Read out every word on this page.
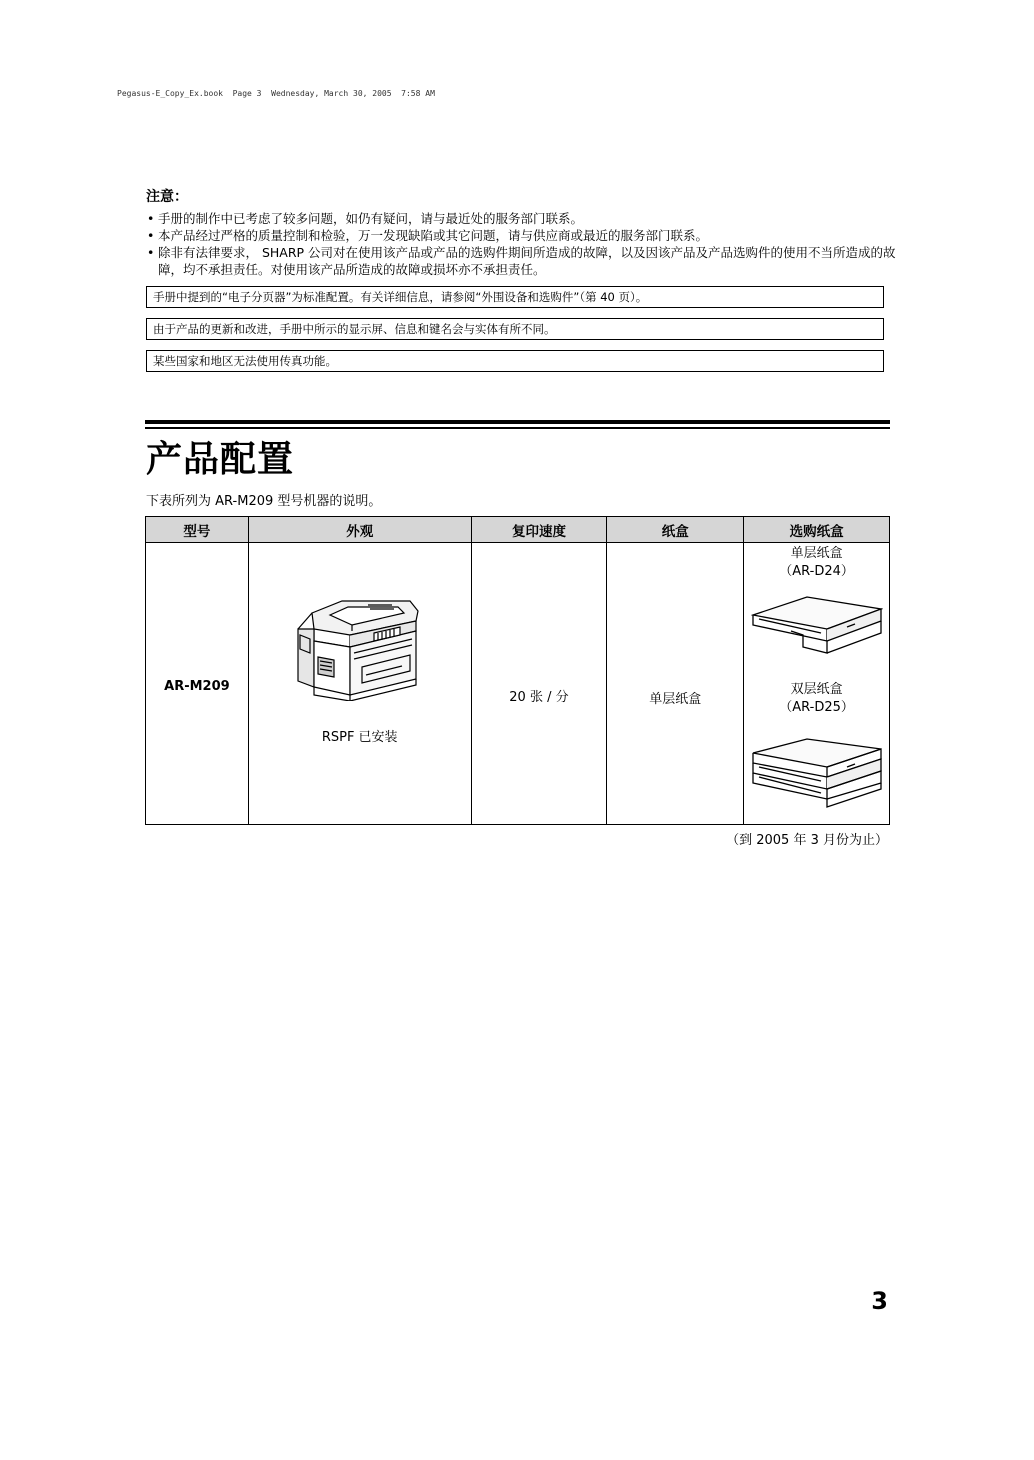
Pegasus-E_Copy_Ex.book  Page 3  Wednesday, March 30, 2005  7:58 AM
注意：
• 手册的制作中已考虑了较多问题，如仍有疑问，请与最近处的服务部门联系。
• 本产品经过严格的质量控制和检验，万一发现缺陷或其它问题，请与供应商或最近的服务部门联系。
• 除非有法律要求， SHARP 公司对在使用该产品或产品的选购件期间所造成的故障，以及因该产品及产品选购件的使用不当所造成的故障，均不承担责任。对使用该产品所造成的故障或损坏亦不承担责任。
手册中提到的“电子分页器”为标准配置。有关详细信息，请参阅“外围设备和选购件”（第 40 页）。
由于产品的更新和改进，手册中所示的显示屏、信息和键名会与实体有所不同。
某些国家和地区无法使用传真功能。
产品配置
下表所列为 AR-M209 型号机器的说明。
型号	外观	复印速度	纸盒	选购纸盒

AR-M209	RSPF 已安装	20 张 / 分	单层纸盒	单层纸盒
（AR-D24）
双层纸盒
（AR-D25）
（到 2005 年 3 月份为止）
3
